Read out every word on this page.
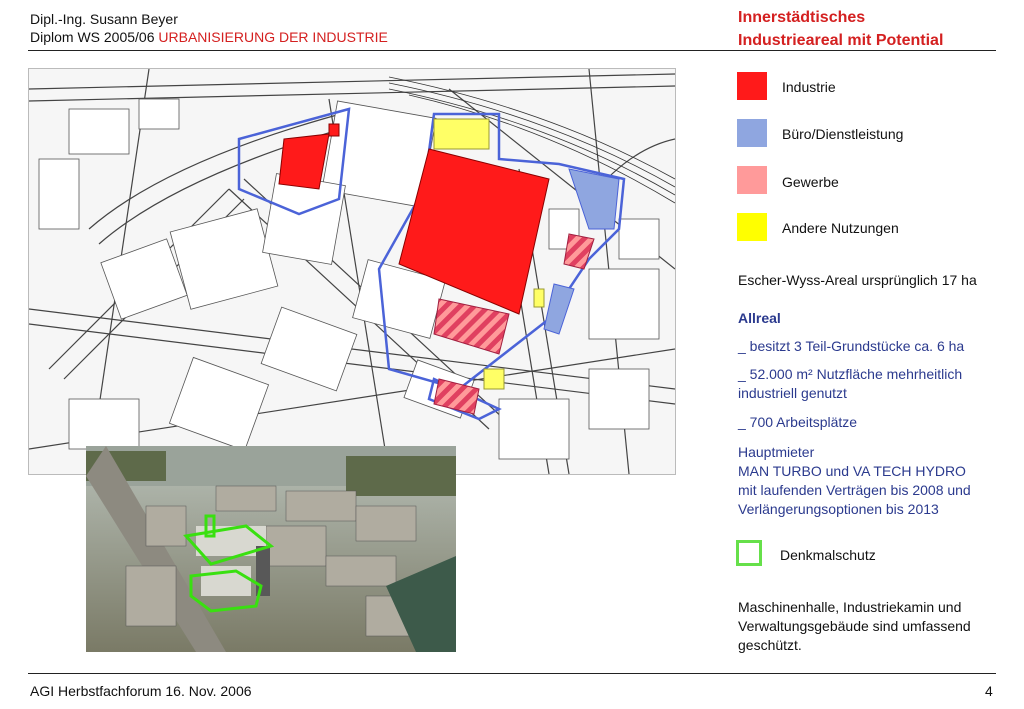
Dipl.-Ing. Susann Beyer
Diplom WS 2005/06 URBANISIERUNG DER INDUSTRIE
Innerstädtisches
Industrieareal mit Potential
Industrie
Büro/Dienstleistung
Gewerbe
Andere Nutzungen
Escher-Wyss-Areal ursprünglich 17 ha
Allreal
_ besitzt 3 Teil-Grundstücke ca. 6 ha
_ 52.000 m² Nutzfläche mehrheitlich
industriell genutzt
_ 700 Arbeitsplätze
Hauptmieter
MAN TURBO und VA TECH HYDRO
mit laufenden Verträgen bis 2008 und
Verlängerungsoptionen bis 2013
Denkmalschutz
Maschinenhalle, Industriekamin und
Verwaltungsgebäude sind umfassend
geschützt.
AGI Herbstfachforum 16. Nov. 2006	4
